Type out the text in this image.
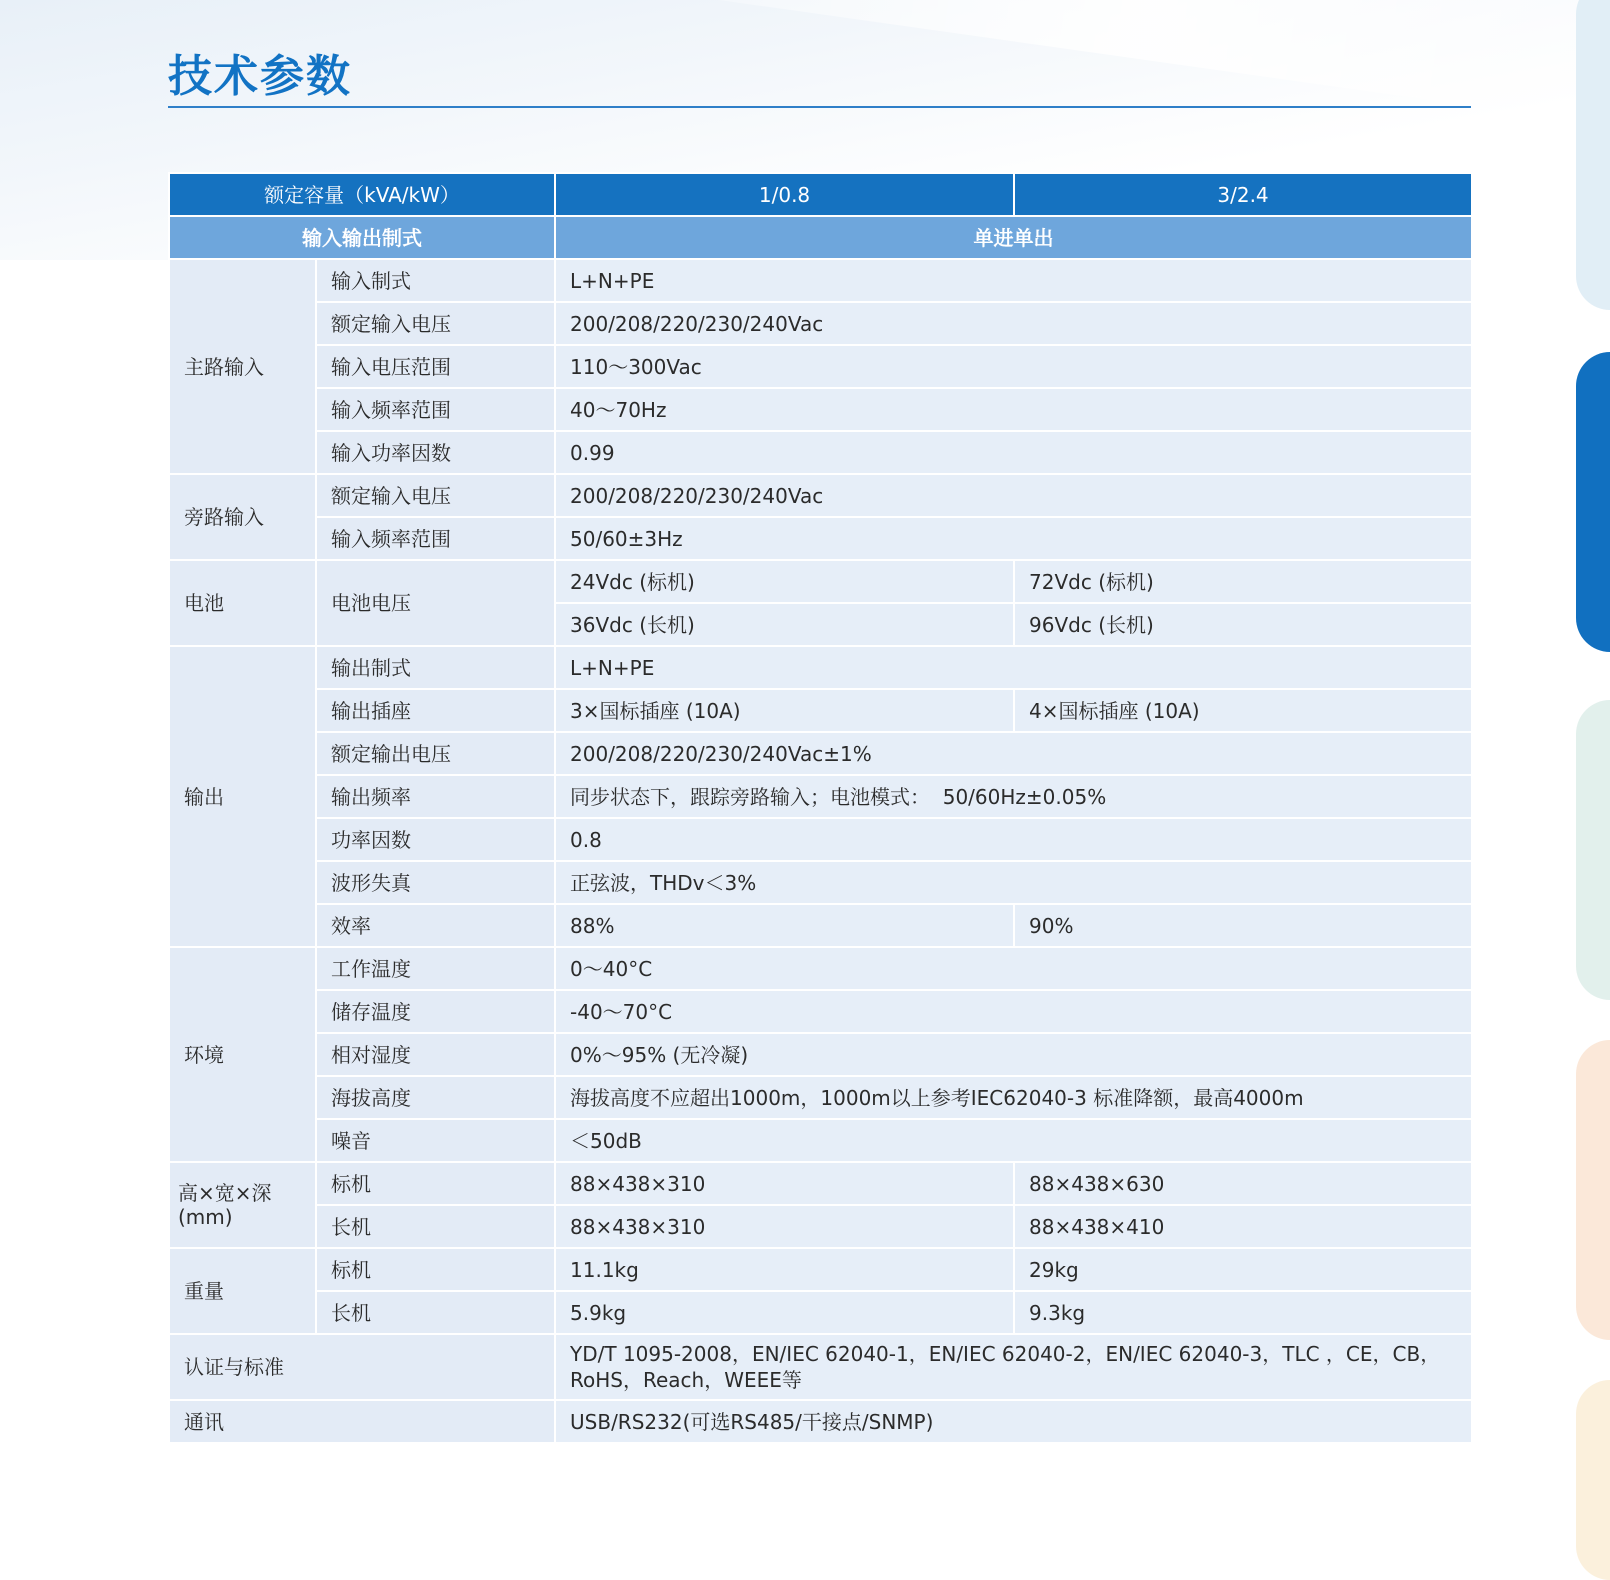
技术参数
额定容量（kVA/kW）		1/0.8	3/2.4
输入输出制式		单进单出	
主路输入	输入制式	L+N+PE	
	额定输入电压	200/208/220/230/240Vac	
	输入电压范围	110～300Vac	
	输入频率范围	40～70Hz	
	输入功率因数	0.99	
旁路输入	额定输入电压	200/208/220/230/240Vac	
	输入频率范围	50/60±3Hz	
电池	电池电压	24Vdc (标机)	72Vdc (标机)
		36Vdc (长机)	96Vdc (长机)
输出	输出制式	L+N+PE	
	输出插座	3×国标插座 (10A)	4×国标插座 (10A)
	额定输出电压	200/208/220/230/240Vac±1%	
	输出频率	同步状态下，跟踪旁路输入；电池模式：  50/60Hz±0.05%	
	功率因数	0.8	
	波形失真	正弦波，THDv＜3%	
	效率	88%	90%
环境	工作温度	0～40°C	
	储存温度	-40～70°C	
	相对湿度	0%～95% (无冷凝)	
	海拔高度	海拔高度不应超出1000m，1000m以上参考IEC62040-3 标准降额，最高4000m	
	噪音	＜50dB	

高×宽×深
(mm)	标机	88×438×310	88×438×630
	长机	88×438×310	88×438×410
重量	标机	11.1kg	29kg
	长机	5.9kg	9.3kg
认证与标准		YD/T 1095-2008，EN/IEC 62040-1，EN/IEC 62040-2，EN/IEC 62040-3，TLC ，CE，CB，
RoHS，Reach，WEEE等	

通讯		USB/RS232(可选RS485/干接点/SNMP)	
